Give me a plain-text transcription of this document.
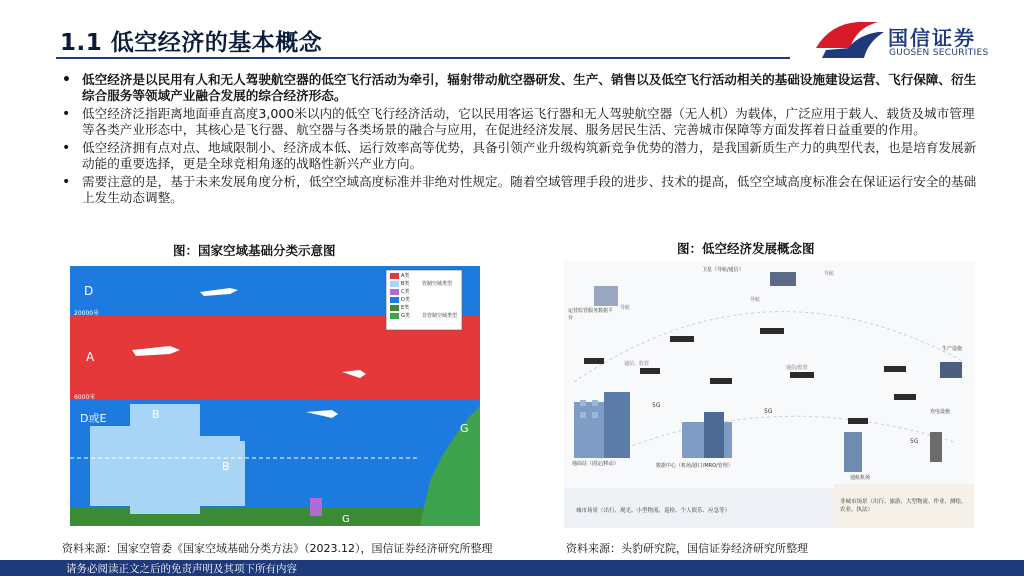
1.1 低空经济的基本概念	国信证券
GUOSEN SECURITIES
• 低空经济是以民用有人和无人驾驶航空器的低空飞行活动为牵引，辐射带动航空器研发、生产、销售以及低空飞行活动相关的基础设施建设运营、飞行保障、衍生综合服务等领域产业融合发展的综合经济形态。
• 低空经济泛指距离地面垂直高度3,000米以内的低空飞行经济活动，它以民用客运飞行器和无人驾驶航空器（无人机）为载体，广泛应用于载人、载货及城市管理等各类产业形态中，其核心是飞行器、航空器与各类场景的融合与应用，在促进经济发展、服务居民生活、完善城市保障等方面发挥着日益重要的作用。
• 低空经济拥有点对点、地域限制小、经济成本低、运行效率高等优势，具备引领产业升级构筑新竞争优势的潜力，是我国新质生产力的典型代表，也是培育发展新动能的重要选择，更是全球竞相角逐的战略性新兴产业方向。
• 需要注意的是，基于未来发展角度分析，低空空域高度标准并非绝对性规定。随着空域管理手段的进步、技术的提高，低空空域高度标准会在保证运行安全的基础上发生动态调整。
图：国家空域基础分类示意图	图：低空经济发展概念图
D
A
D或E	B
B
G
G
20000米
6000米
A类
B类
C类
D类
E类
G类
管制空域类型
非管制空域类型
卫星（导航/通信）
运营监管服务数据平台
导航
导航
导航
通信、监管
通信/监管
生产设施
地面站（固定/移动）	数据中心（机场/港口/MRO/管理）
通航机场
充电设施
城市场景（出行、观光、小型物流、巡检、个人娱乐、应急等）
非城市场景（出行、旅游、大型物流、作业、测绘、农业、执法）
5G
5G
5G
资料来源：国家空管委《国家空域基础分类方法》（2023.12），国信证券经济研究所整理	资料来源：头豹研究院，国信证券经济研究所整理
请务必阅读正文之后的免责声明及其项下所有内容
